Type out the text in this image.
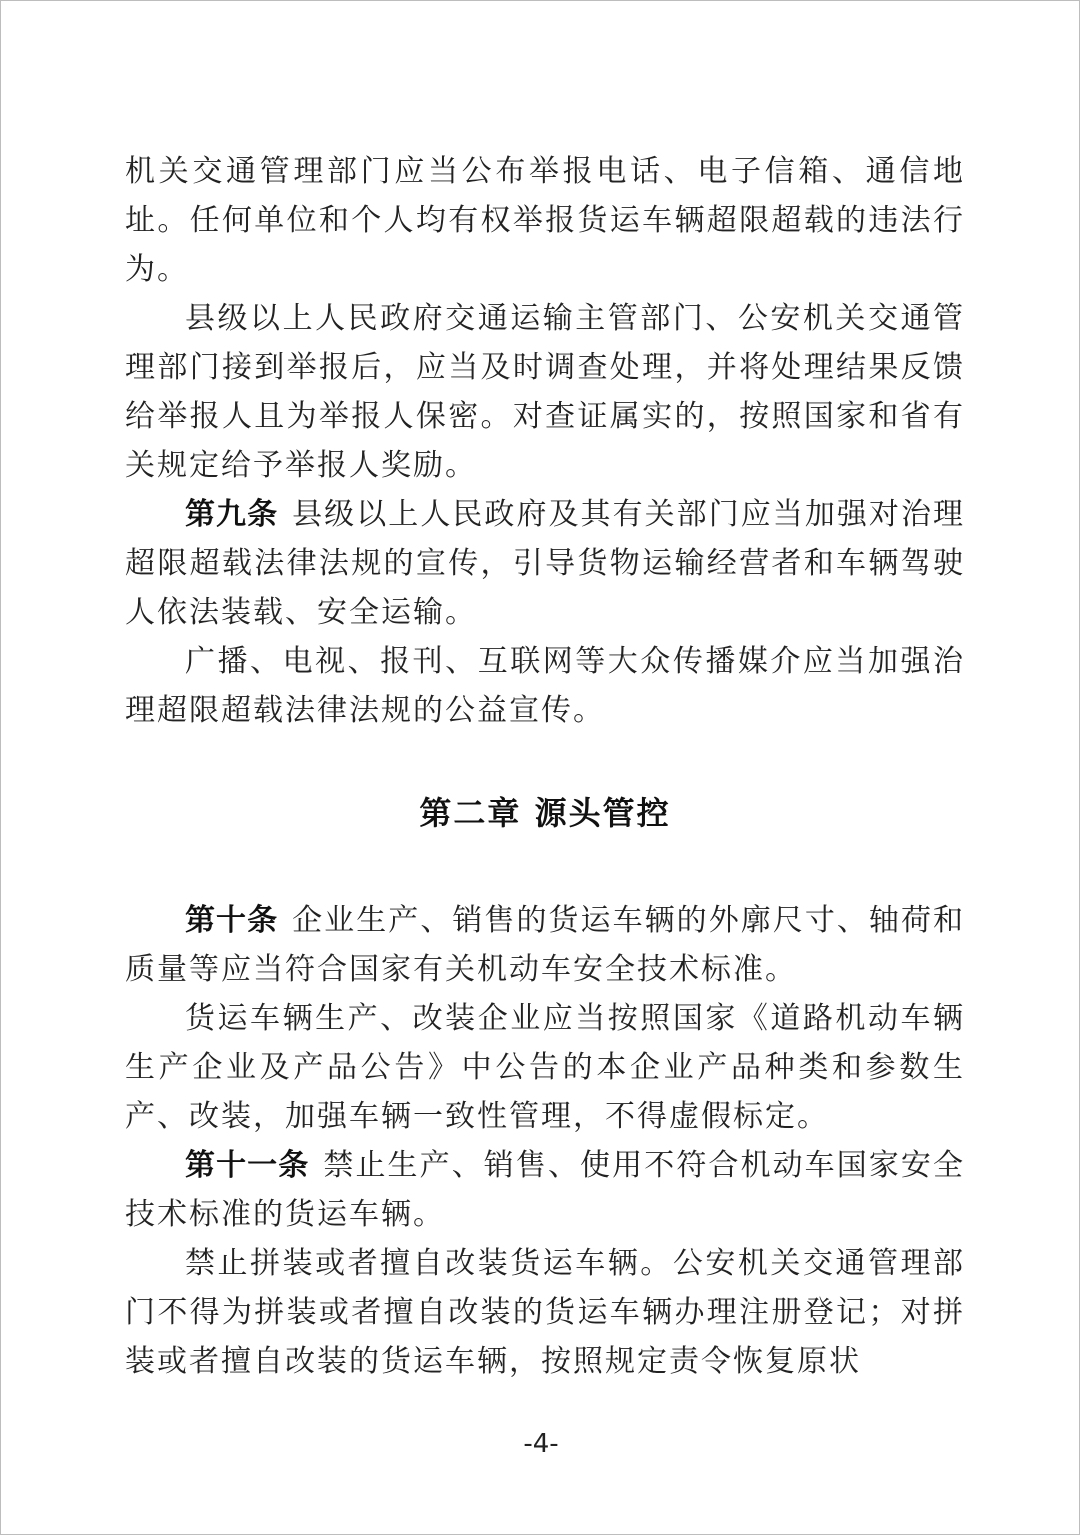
机关交通管理部门应当公布举报电话、电子信箱、通信地址。任何单位和个人均有权举报货运车辆超限超载的违法行为。

县级以上人民政府交通运输主管部门、公安机关交通管理部门接到举报后，应当及时调查处理，并将处理结果反馈给举报人且为举报人保密。对查证属实的，按照国家和省有关规定给予举报人奖励。

第九条 县级以上人民政府及其有关部门应当加强对治理超限超载法律法规的宣传，引导货物运输经营者和车辆驾驶人依法装载、安全运输。

广播、电视、报刊、互联网等大众传播媒介应当加强治理超限超载法律法规的公益宣传。

第二章 源头管控

第十条 企业生产、销售的货运车辆的外廓尺寸、轴荷和质量等应当符合国家有关机动车安全技术标准。

货运车辆生产、改装企业应当按照国家《道路机动车辆生产企业及产品公告》中公告的本企业产品种类和参数生产、改装，加强车辆一致性管理，不得虚假标定。

第十一条 禁止生产、销售、使用不符合机动车国家安全技术标准的货运车辆。

禁止拼装或者擅自改装货运车辆。公安机关交通管理部门不得为拼装或者擅自改装的货运车辆办理注册登记；对拼装或者擅自改装的货运车辆，按照规定责令恢复原状

-4-
